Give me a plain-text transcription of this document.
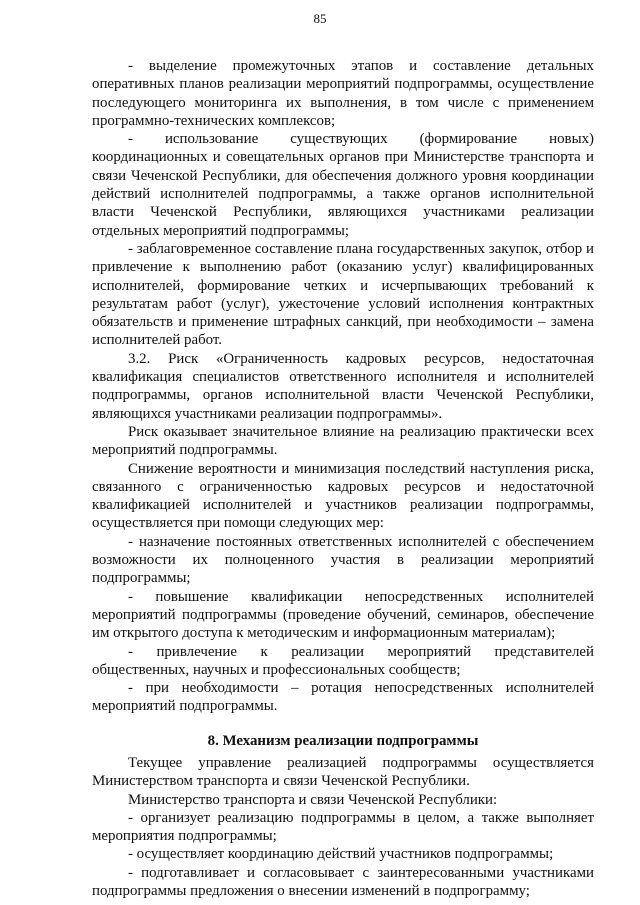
85

- выделение промежуточных этапов и составление детальных оперативных планов реализации мероприятий подпрограммы, осуществление последующего мониторинга их выполнения, в том числе с применением программно-технических комплексов;

- использование существующих (формирование новых) координационных и совещательных органов при Министерстве транспорта и связи Чеченской Республики, для обеспечения должного уровня координации действий исполнителей подпрограммы, а также органов исполнительной власти Чеченской Республики, являющихся участниками реализации отдельных мероприятий подпрограммы;

- заблаговременное составление плана государственных закупок, отбор и привлечение к выполнению работ (оказанию услуг) квалифицированных исполнителей, формирование четких и исчерпывающих требований к результатам работ (услуг), ужесточение условий исполнения контрактных обязательств и применение штрафных санкций, при необходимости – замена исполнителей работ.

3.2. Риск «Ограниченность кадровых ресурсов, недостаточная квалификация специалистов ответственного исполнителя и исполнителей подпрограммы, органов исполнительной власти Чеченской Республики, являющихся участниками реализации подпрограммы».

Риск оказывает значительное влияние на реализацию практически всех мероприятий подпрограммы.

Снижение вероятности и минимизация последствий наступления риска, связанного с ограниченностью кадровых ресурсов и недостаточной квалификацией исполнителей и участников реализации подпрограммы, осуществляется при помощи следующих мер:

- назначение постоянных ответственных исполнителей с обеспечением возможности их полноценного участия в реализации мероприятий подпрограммы;

- повышение квалификации непосредственных исполнителей мероприятий подпрограммы (проведение обучений, семинаров, обеспечение им открытого доступа к методическим и информационным материалам);

- привлечение к реализации мероприятий представителей общественных, научных и профессиональных сообществ;

- при необходимости – ротация непосредственных исполнителей мероприятий подпрограммы.

8. Механизм реализации подпрограммы

Текущее управление реализацией подпрограммы осуществляется Министерством транспорта и связи Чеченской Республики.

Министерство транспорта и связи Чеченской Республики:

- организует реализацию подпрограммы в целом, а также выполняет мероприятия подпрограммы;

- осуществляет координацию действий участников подпрограммы;

- подготавливает и согласовывает с заинтересованными участниками подпрограммы предложения о внесении изменений в подпрограмму;
